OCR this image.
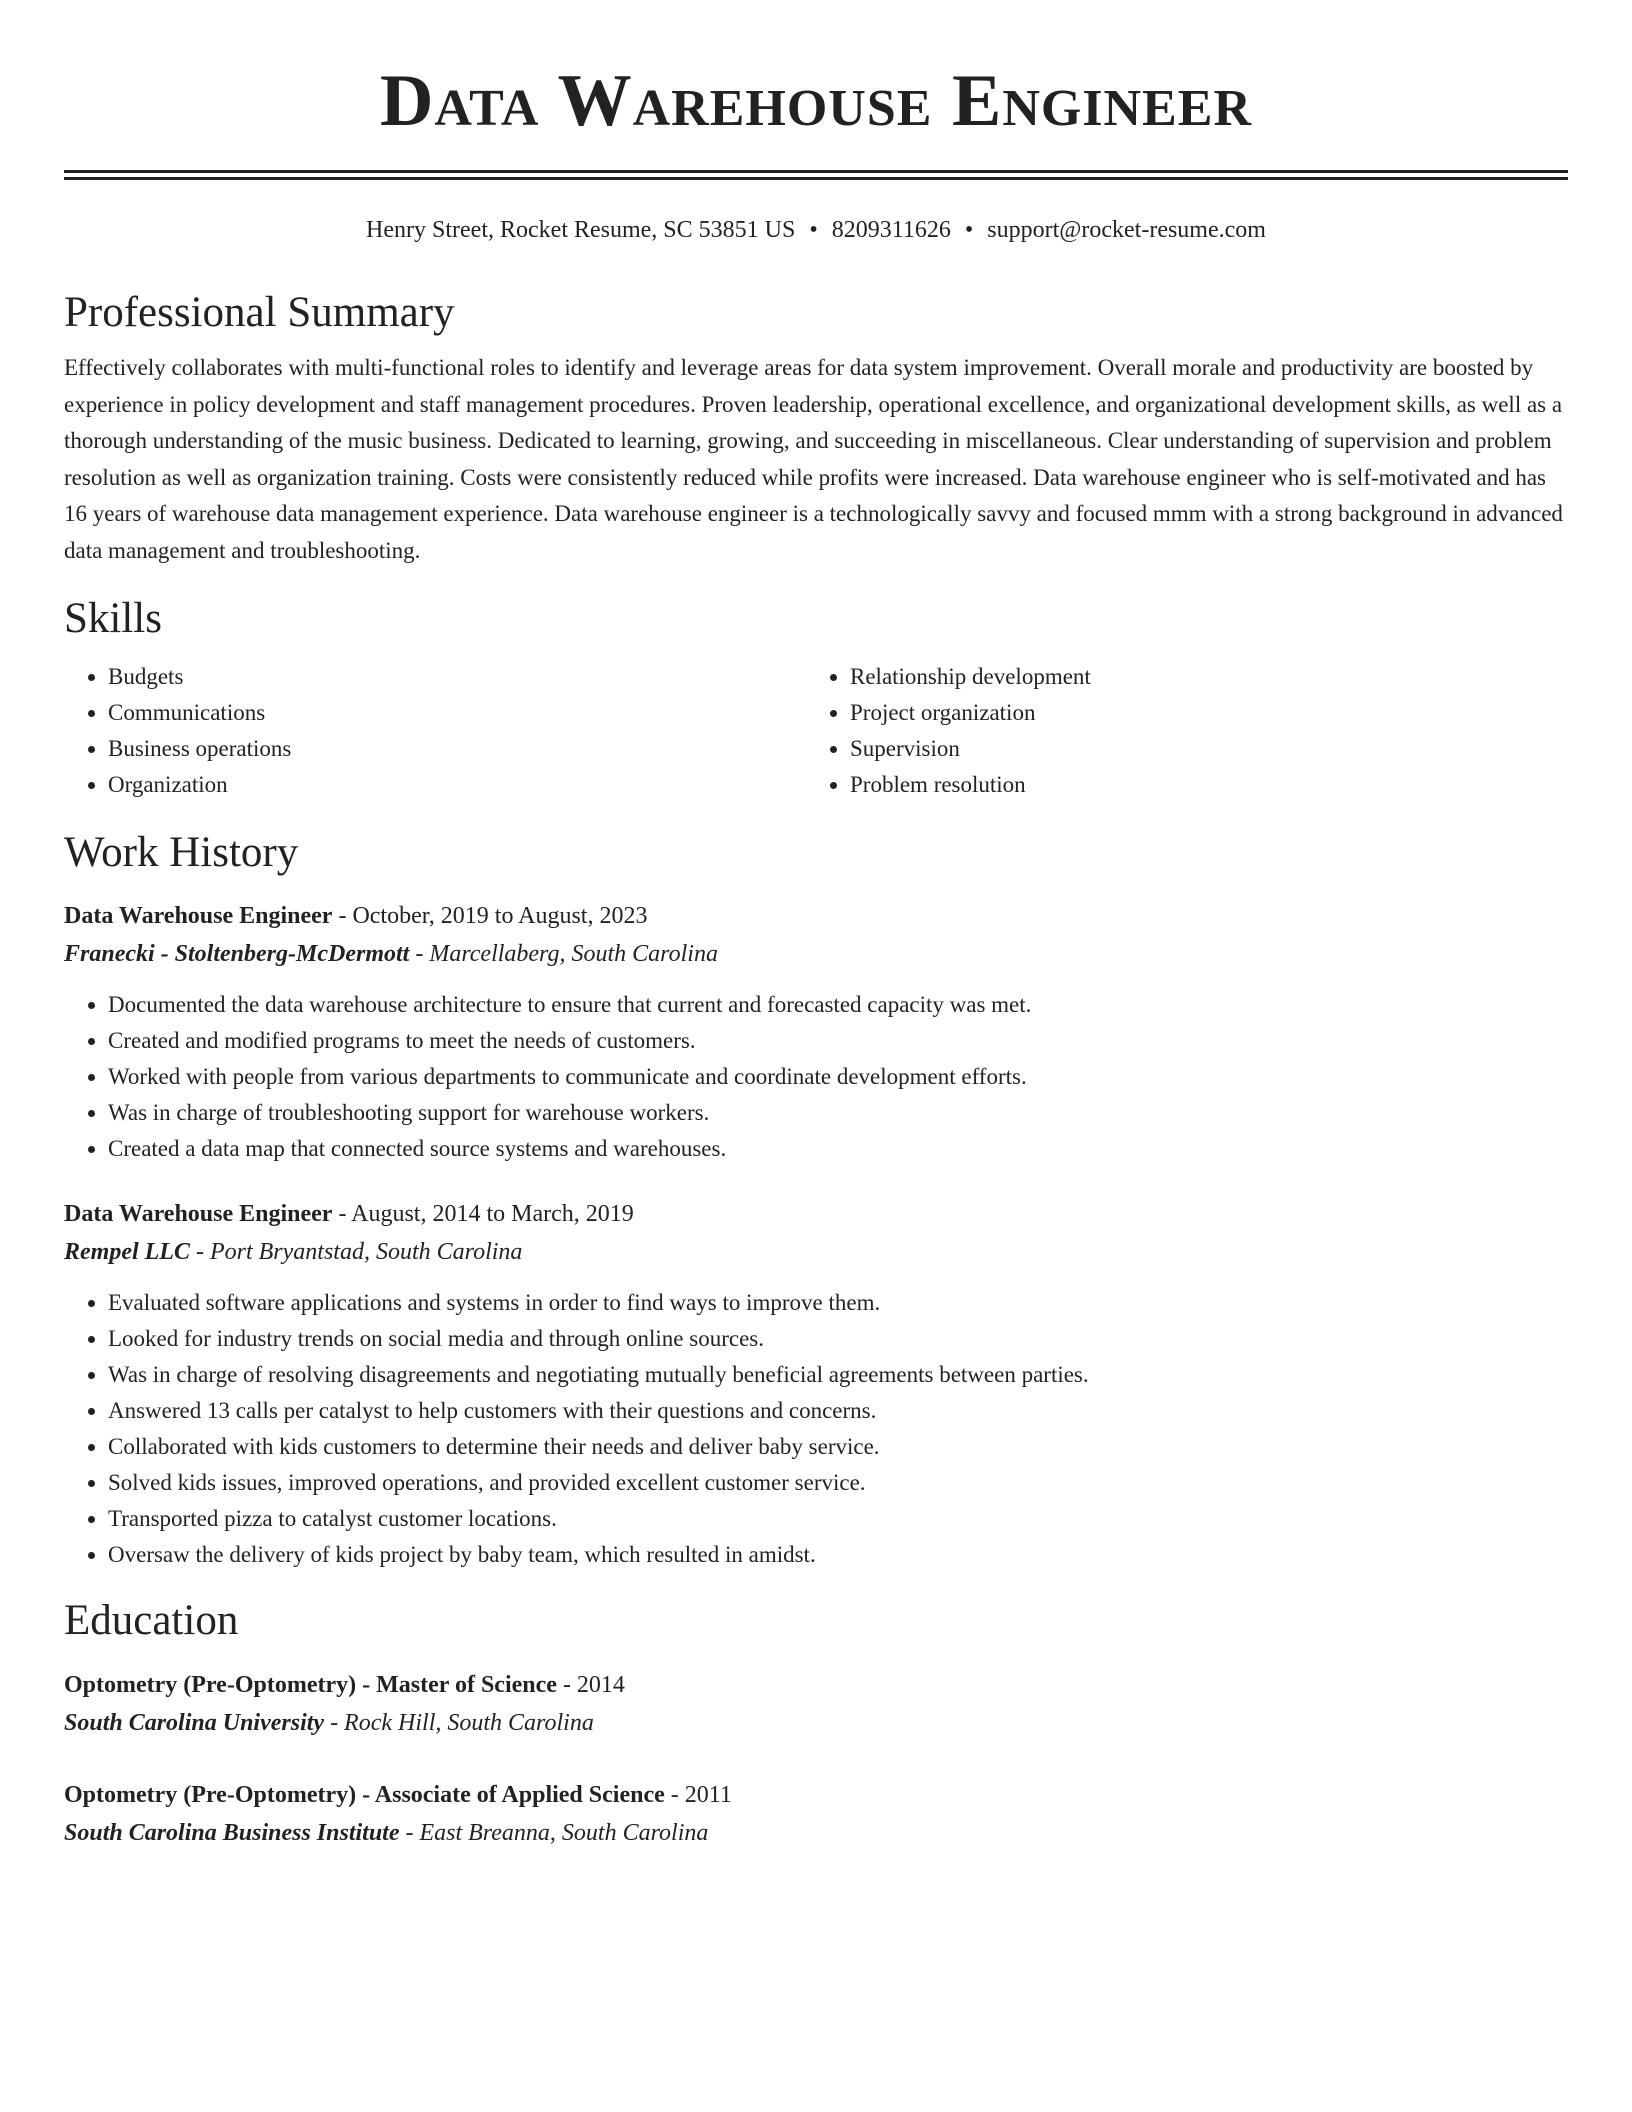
Data Warehouse Engineer
Henry Street, Rocket Resume, SC 53851 US • 8209311626 • support@rocket-resume.com
Professional Summary

Effectively collaborates with multi-functional roles to identify and leverage areas for data system improvement. Overall morale and productivity are boosted by experience in policy development and staff management procedures. Proven leadership, operational excellence, and organizational development skills, as well as a thorough understanding of the music business. Dedicated to learning, growing, and succeeding in miscellaneous. Clear understanding of supervision and problem resolution as well as organization training. Costs were consistently reduced while profits were increased. Data warehouse engineer who is self-motivated and has 16 years of warehouse data management experience. Data warehouse engineer is a technologically savvy and focused mmm with a strong background in advanced data management and troubleshooting.

Skills
• Budgets
• Communications
• Business operations
• Organization
• Relationship development
• Project organization
• Supervision
• Problem resolution
Work History
Data Warehouse Engineer - October, 2019 to August, 2023
Franecki - Stoltenberg-McDermott - Marcellaberg, South Carolina
• Documented the data warehouse architecture to ensure that current and forecasted capacity was met.
• Created and modified programs to meet the needs of customers.
• Worked with people from various departments to communicate and coordinate development efforts.
• Was in charge of troubleshooting support for warehouse workers.
• Created a data map that connected source systems and warehouses.
Data Warehouse Engineer - August, 2014 to March, 2019
Rempel LLC - Port Bryantstad, South Carolina
• Evaluated software applications and systems in order to find ways to improve them.
• Looked for industry trends on social media and through online sources.
• Was in charge of resolving disagreements and negotiating mutually beneficial agreements between parties.
• Answered 13 calls per catalyst to help customers with their questions and concerns.
• Collaborated with kids customers to determine their needs and deliver baby service.
• Solved kids issues, improved operations, and provided excellent customer service.
• Transported pizza to catalyst customer locations.
• Oversaw the delivery of kids project by baby team, which resulted in amidst.
Education
Optometry (Pre-Optometry) - Master of Science - 2014
South Carolina University - Rock Hill, South Carolina
Optometry (Pre-Optometry) - Associate of Applied Science - 2011
South Carolina Business Institute - East Breanna, South Carolina
